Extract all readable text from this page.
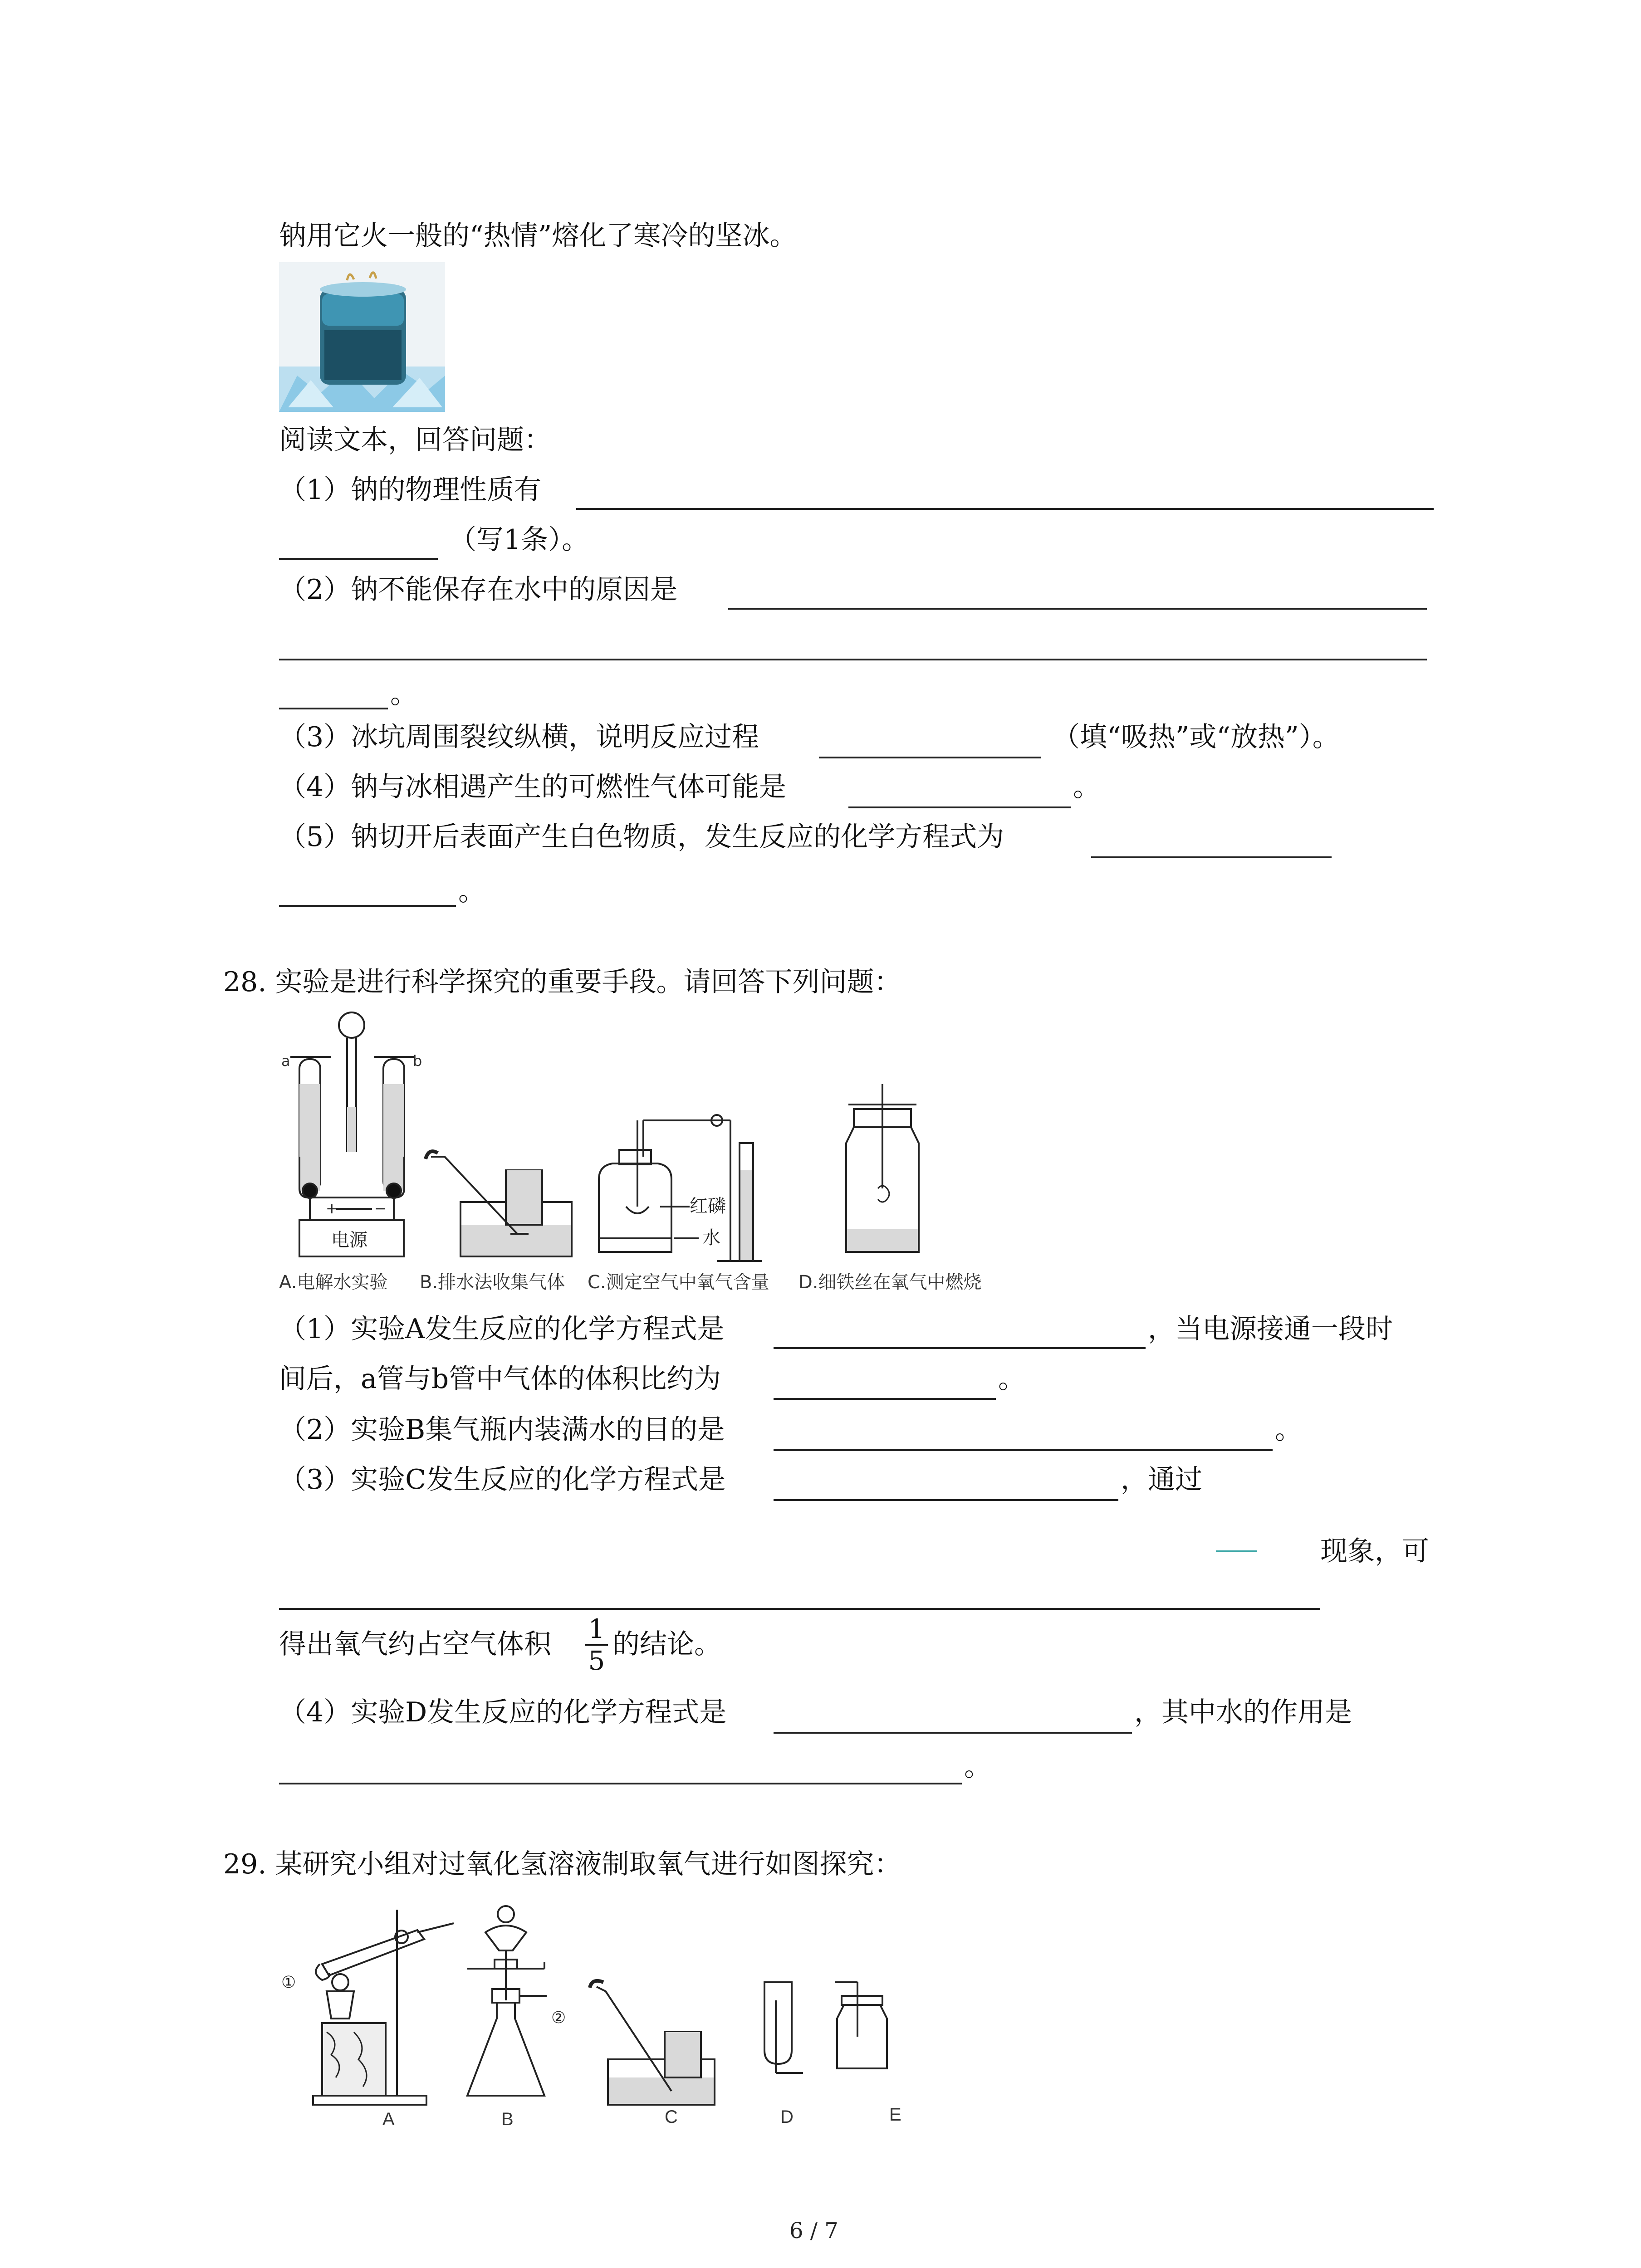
钠用它火一般的“热情”熔化了寒冷的坚冰。
阅读文本，回答问题：
（1）钠的物理性质有
（写1条）。
（2）钠不能保存在水中的原因是
。
（3）冰坑周围裂纹纵横，说明反应过程	（填“吸热”或“放热”）。
（4）钠与冰相遇产生的可燃性气体可能是	。
（5）钠切开后表面产生白色物质，发生反应的化学方程式为
。
28. 实验是进行科学探究的重要手段。请回答下列问题：
a	b
+	−
电源
红磷
水
A.电解水实验 B.排水法收集气体 C.测定空气中氧气含量 D.细铁丝在氧气中燃烧
（1）实验A发生反应的化学方程式是	，当电源接通一段时
间后，a管与b管中气体的体积比约为	。
（2）实验B集气瓶内装满水的目的是	。
（3）实验C发生反应的化学方程式是	，通过
现象，可
得出氧气约占空气体积 1
5
的结论。
（4）实验D发生反应的化学方程式是	，其中水的作用是
。
29. 某研究小组对过氧化氢溶液制取氧气进行如图探究：
①
②
A	B	C	D	E
6 / 7
